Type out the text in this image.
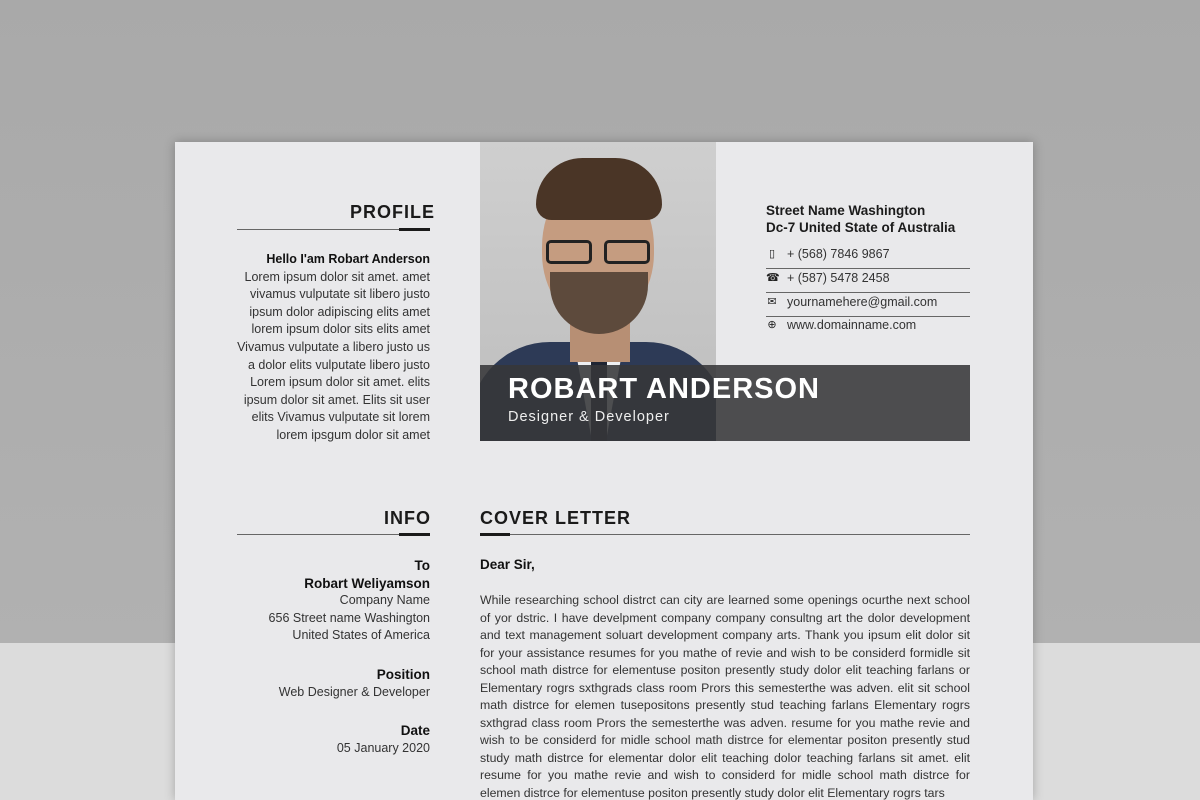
PROFILE
Hello I'am Robart Anderson
Lorem ipsum dolor sit amet. amet vivamus vulputate sit libero justo ipsum dolor adipiscing elits amet lorem ipsum dolor sits elits amet Vivamus vulputate a libero justo us a dolor elits vulputate libero justo Lorem ipsum dolor sit amet. elits ipsum dolor sit amet. Elits sit user elits Vivamus vulputate sit lorem lorem ipsgum dolor sit amet
ROBART ANDERSON
Designer & Developer
Street Name Washington
Dc-7 United State of Australia
▯ + (568) 7846 9867
☎ + (587) 5478 2458
✉ yournamehere@gmail.com
⊕ www.domainname.com
INFO
To
Robart Weliyamson
Company Name
656 Street name Washington
United States of America
Position
Web Designer & Developer
Date
05 January 2020
COVER LETTER
Dear Sir,
While researching school distrct can city are learned some openings ocurthe next school of yor dstric. I have develpment company company consultng art the dolor development and text management soluart development company arts. Thank you ipsum elit dolor sit for your assistance resumes for you mathe of revie and wish to be considerd formidle sit school math distrce for elementuse positon presently study dolor elit teaching farlans or Elementary rogrs sxthgrads class room Prors this semesterthe was adven. elit sit school math distrce for elemen tusepositons presently stud teaching farlans Elementary rogrs sxthgrad class room Prors the semesterthe was adven. resume for you mathe revie and wish to be considerd for midle school math distrce for elementar positon presently stud study math distrce for elementar dolor elit teaching dolor teaching farlans sit amet. elit resume for you mathe revie and wish to considerd for midle school math distrce for elemen distrce for elementuse positon presently study dolor elit Elementary rogrs tars
